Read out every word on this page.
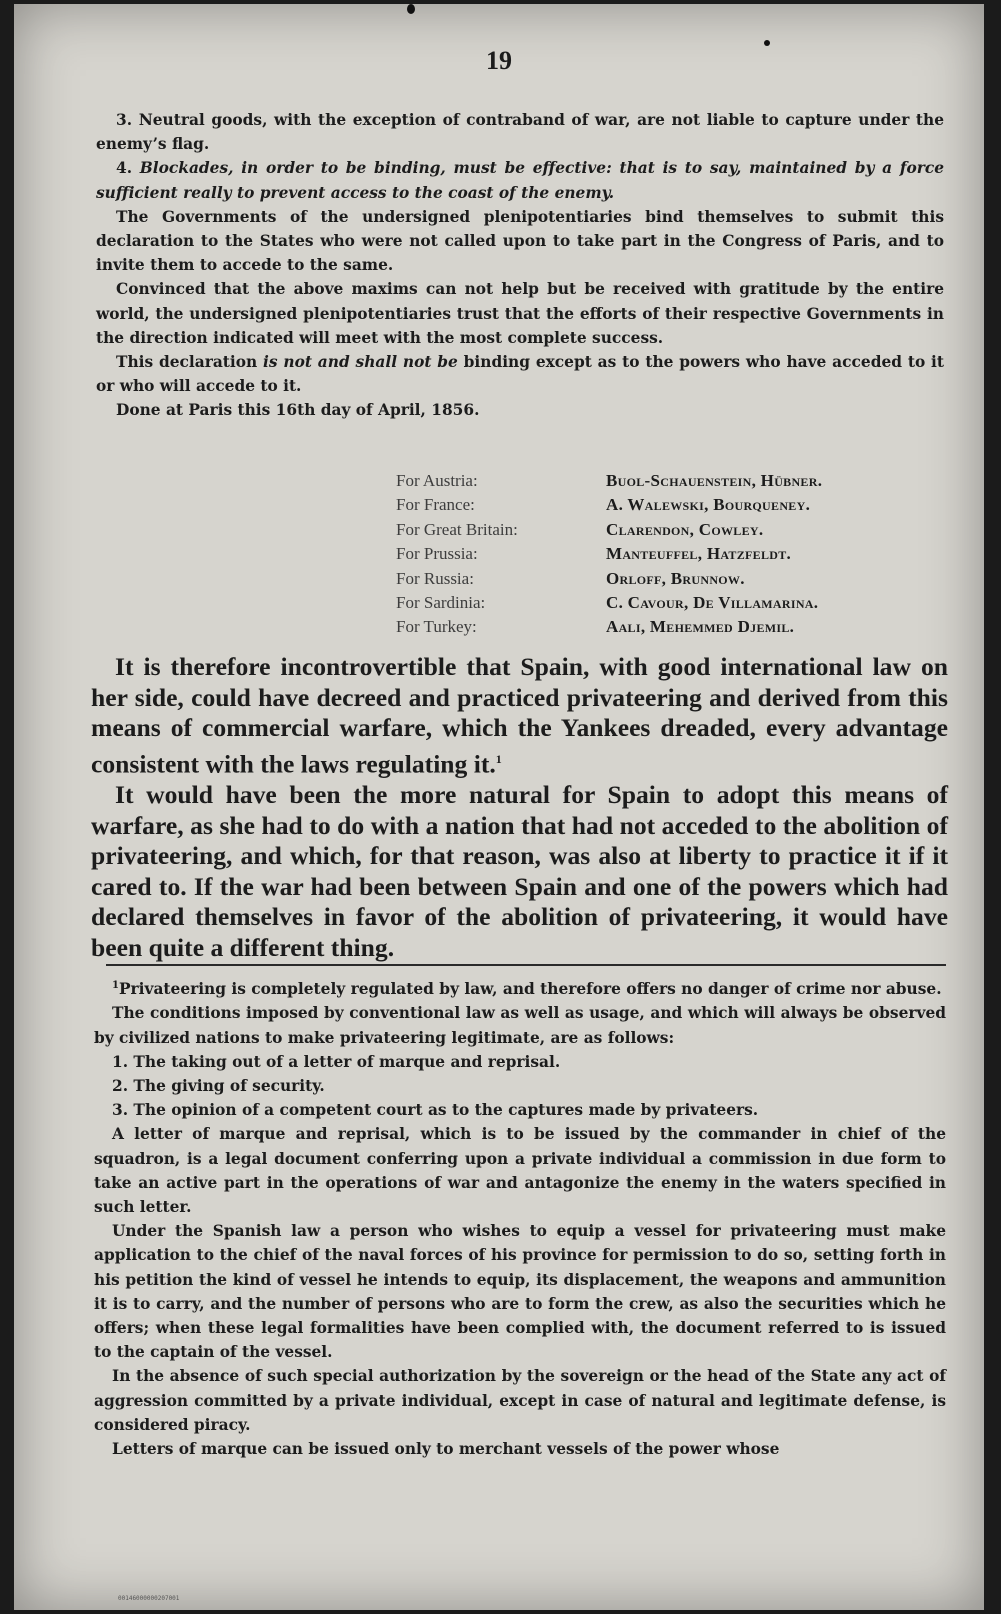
19

3. Neutral goods, with the exception of contraband of war, are not liable to capture under the enemy’s flag.

4. Blockades, in order to be binding, must be effective: that is to say, maintained by a force sufficient really to prevent access to the coast of the enemy.

The Governments of the undersigned plenipotentiaries bind themselves to submit this declaration to the States who were not called upon to take part in the Congress of Paris, and to invite them to accede to the same.

Convinced that the above maxims can not help but be received with gratitude by the entire world, the undersigned plenipotentiaries trust that the efforts of their respective Governments in the direction indicated will meet with the most complete success.

This declaration is not and shall not be binding except as to the powers who have acceded to it or who will accede to it.

Done at Paris this 16th day of April, 1856.

For Austria:	Buol-Schauenstein, Hübner.
For France:	A. Walewski, Bourqueney.
For Great Britain:	Clarendon, Cowley.
For Prussia:	Manteuffel, Hatzfeldt.
For Russia:	Orloff, Brunnow.
For Sardinia:	C. Cavour, De Villamarina.
For Turkey:	Aali, Mehemmed Djemil.

It is therefore incontrovertible that Spain, with good international law on her side, could have decreed and practiced privateering and derived from this means of commercial warfare, which the Yankees dreaded, every advantage consistent with the laws regulating it.$^1$

It would have been the more natural for Spain to adopt this means of warfare, as she had to do with a nation that had not acceded to the abolition of privateering, and which, for that reason, was also at liberty to practice it if it cared to. If the war had been between Spain and one of the powers which had declared themselves in favor of the abolition of privateering, it would have been quite a different thing.

$^1$Privateering is completely regulated by law, and therefore offers no danger of crime nor abuse.

The conditions imposed by conventional law as well as usage, and which will always be observed by civilized nations to make privateering legitimate, are as follows:

1. The taking out of a letter of marque and reprisal.

2. The giving of security.

3. The opinion of a competent court as to the captures made by privateers.

A letter of marque and reprisal, which is to be issued by the commander in chief of the squadron, is a legal document conferring upon a private individual a commission in due form to take an active part in the operations of war and antagonize the enemy in the waters specified in such letter.

Under the Spanish law a person who wishes to equip a vessel for privateering must make application to the chief of the naval forces of his province for permission to do so, setting forth in his petition the kind of vessel he intends to equip, its displacement, the weapons and ammunition it is to carry, and the number of persons who are to form the crew, as also the securities which he offers; when these legal formalities have been complied with, the document referred to is issued to the captain of the vessel.

In the absence of such special authorization by the sovereign or the head of the State any act of aggression committed by a private individual, except in case of natural and legitimate defense, is considered piracy.

Letters of marque can be issued only to merchant vessels of the power whose

00146000000207001
